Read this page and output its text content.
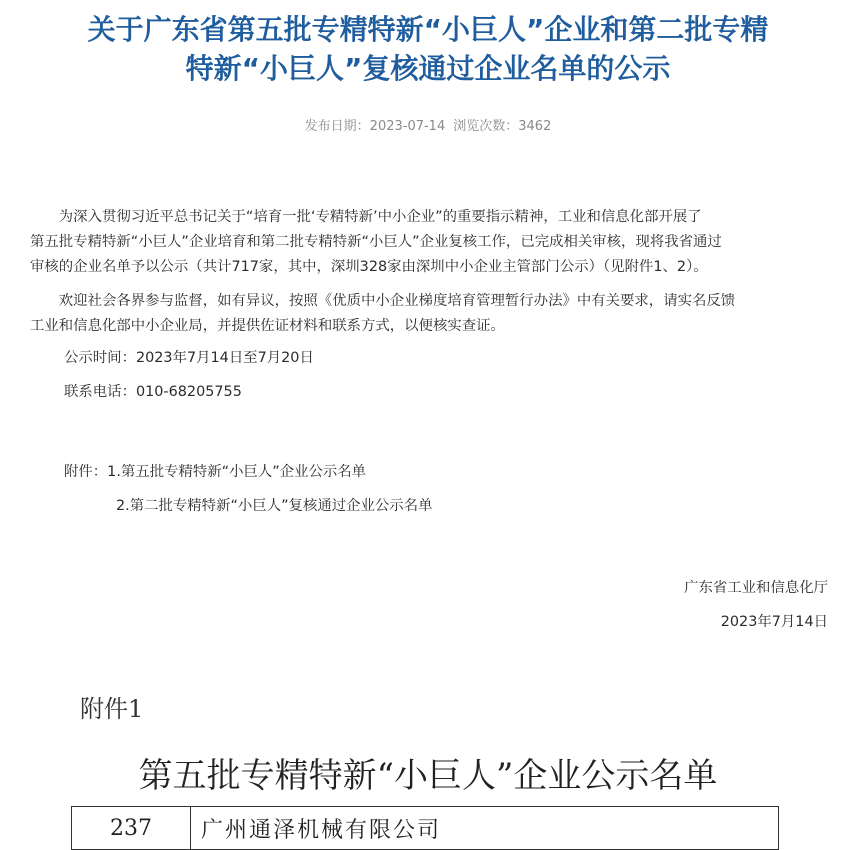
关于广东省第五批专精特新“小巨人”企业和第二批专精
特新“小巨人”复核通过企业名单的公示
发布日期：2023-07-14 浏览次数：3462
　　为深入贯彻习近平总书记关于“培育一批‘专精特新’中小企业”的重要指示精神，工业和信息化部开展了
第五批专精特新“小巨人”企业培育和第二批专精特新“小巨人”企业复核工作，已完成相关审核，现将我省通过
审核的企业名单予以公示（共计717家，其中，深圳328家由深圳中小企业主管部门公示）（见附件1、2）。
　　欢迎社会各界参与监督，如有异议，按照《优质中小企业梯度培育管理暂行办法》中有关要求，请实名反馈
工业和信息化部中小企业局，并提供佐证材料和联系方式，以便核实查证。
公示时间：2023年7月14日至7月20日
联系电话：010-68205755
附件：1.第五批专精特新“小巨人”企业公示名单
2.第二批专精特新“小巨人”复核通过企业公示名单
广东省工业和信息化厅
2023年7月14日
附件1
第五批专精特新“小巨人”企业公示名单
237	广州通泽机械有限公司
